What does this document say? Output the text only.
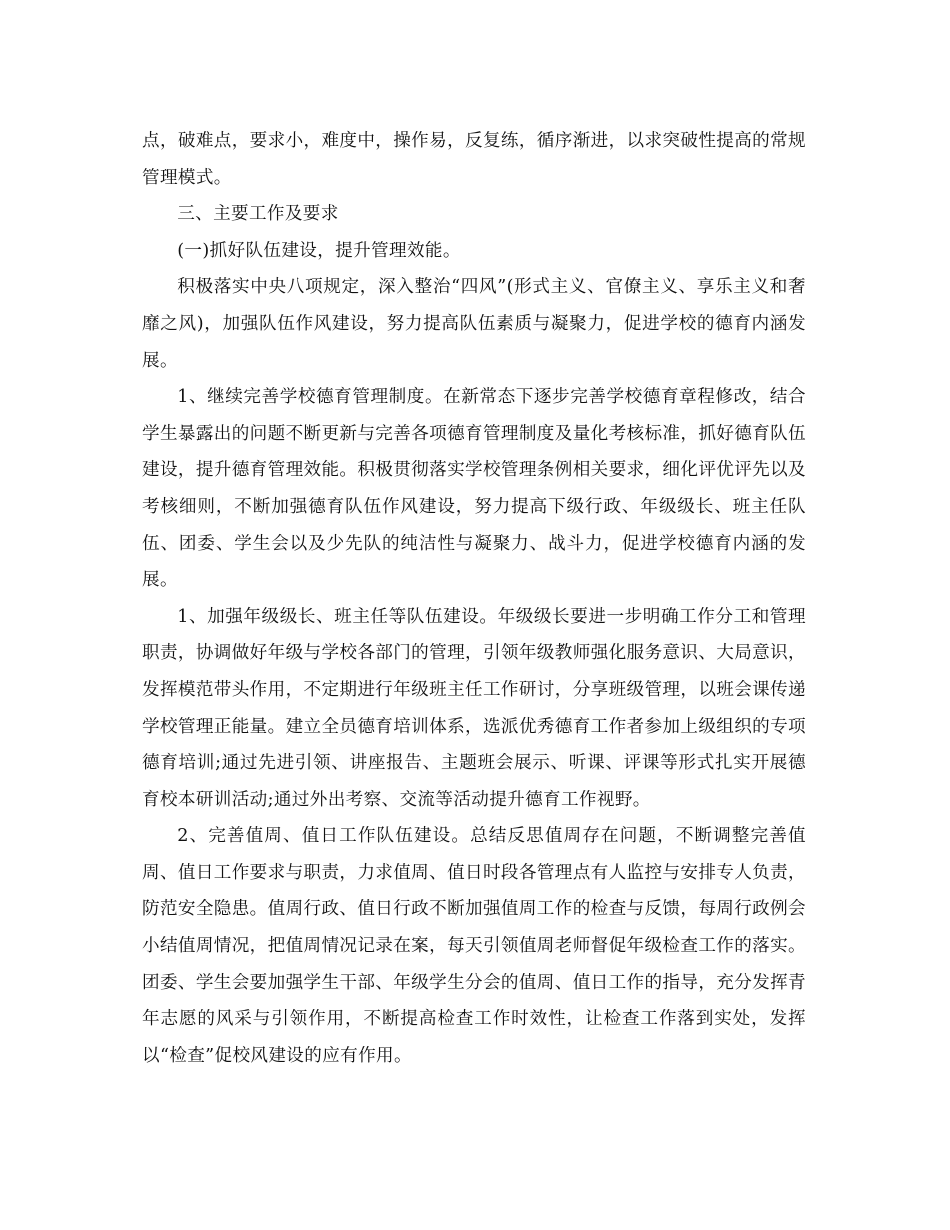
点，破难点，要求小，难度中，操作易，反复练，循序渐进，以求突破性提高的常规管理模式。

三、主要工作及要求

(一)抓好队伍建设，提升管理效能。

积极落实中央八项规定，深入整治“四风”(形式主义、官僚主义、享乐主义和奢靡之风)，加强队伍作风建设，努力提高队伍素质与凝聚力，促进学校的德育内涵发展。

1、继续完善学校德育管理制度。在新常态下逐步完善学校德育章程修改，结合学生暴露出的问题不断更新与完善各项德育管理制度及量化考核标准，抓好德育队伍建设，提升德育管理效能。积极贯彻落实学校管理条例相关要求，细化评优评先以及考核细则，不断加强德育队伍作风建设，努力提高下级行政、年级级长、班主任队伍、团委、学生会以及少先队的纯洁性与凝聚力、战斗力，促进学校德育内涵的发展。

1、加强年级级长、班主任等队伍建设。年级级长要进一步明确工作分工和管理职责，协调做好年级与学校各部门的管理，引领年级教师强化服务意识、大局意识，发挥模范带头作用，不定期进行年级班主任工作研讨，分享班级管理，以班会课传递学校管理正能量。建立全员德育培训体系，选派优秀德育工作者参加上级组织的专项德育培训;通过先进引领、讲座报告、主题班会展示、听课、评课等形式扎实开展德育校本研训活动;通过外出考察、交流等活动提升德育工作视野。

2、完善值周、值日工作队伍建设。总结反思值周存在问题，不断调整完善值周、值日工作要求与职责，力求值周、值日时段各管理点有人监控与安排专人负责，防范安全隐患。值周行政、值日行政不断加强值周工作的检查与反馈，每周行政例会小结值周情况，把值周情况记录在案，每天引领值周老师督促年级检查工作的落实。团委、学生会要加强学生干部、年级学生分会的值周、值日工作的指导，充分发挥青年志愿的风采与引领作用，不断提高检查工作时效性，让检查工作落到实处，发挥以“检查”促校风建设的应有作用。
